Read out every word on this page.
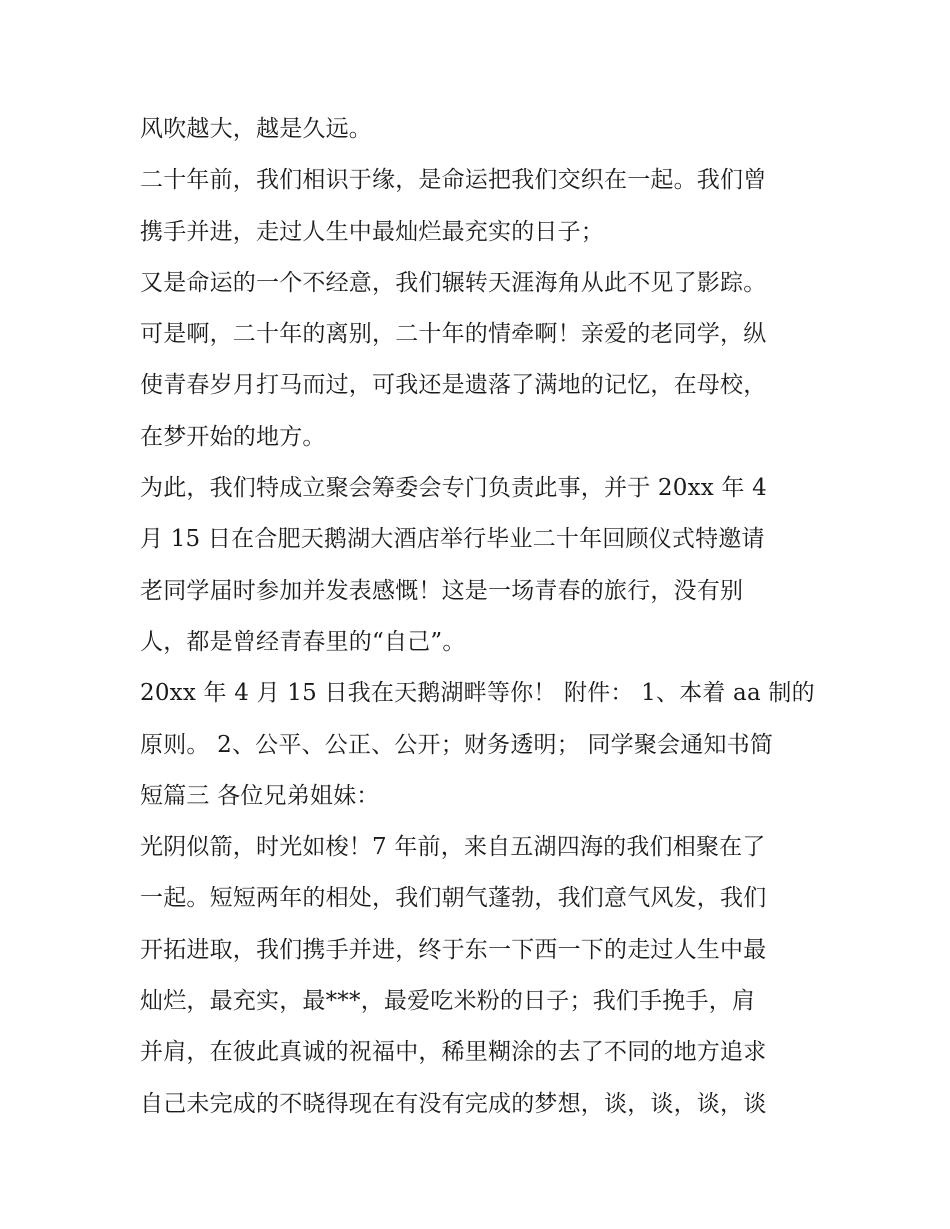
风吹越大，越是久远。
二十年前，我们相识于缘，是命运把我们交织在一起。我们曾
携手并进，走过人生中最灿烂最充实的日子；
又是命运的一个不经意，我们辗转天涯海角从此不见了影踪。
可是啊，二十年的离别，二十年的情牵啊！亲爱的老同学，纵
使青春岁月打马而过，可我还是遗落了满地的记忆，在母校，
在梦开始的地方。
为此，我们特成立聚会筹委会专门负责此事，并于 20xx 年 4
月 15 日在合肥天鹅湖大酒店举行毕业二十年回顾仪式特邀请
老同学届时参加并发表感慨！这是一场青春的旅行，没有别
人，都是曾经青春里的“自己”。
20xx 年 4 月 15 日我在天鹅湖畔等你！ 附件： 1、本着 aa 制的
原则。 2、公平、公正、公开；财务透明； 同学聚会通知书简
短篇三 各位兄弟姐妹：
光阴似箭，时光如梭！7 年前，来自五湖四海的我们相聚在了
一起。短短两年的相处，我们朝气蓬勃，我们意气风发，我们
开拓进取，我们携手并进，终于东一下西一下的走过人生中最
灿烂，最充实，最***，最爱吃米粉的日子；我们手挽手，肩
并肩，在彼此真诚的祝福中，稀里糊涂的去了不同的地方追求
自己未完成的不晓得现在有没有完成的梦想，谈，谈，谈，谈
